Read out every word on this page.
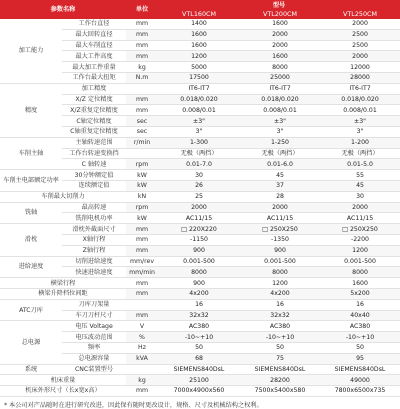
参数名称		单位	型号		
			VTL160CM	VTL200CM	VTL250CM
加工能力	工作台直径	mm	1400	1600	2000
	最大回转直径	mm	1600	2000	2500
	最大车削直径	mm	1600	2000	2500
	最大工件高度	mm	1200	1600	2000
	最大加工件重量	kg	5000	8000	12000
	工作台最大扭矩	N.m	17500	25000	28000
精度	加工精度		IT6-IT7	IT6-IT7	IT6-IT7
	X/Z 定位精度	mm	0.018/0.020	0.018/0.020	0.018/0.020
	X/Z重复定位精度	mm	0.008/0.01	0.008/0.01	0.008/0.01
	C轴定位精度	sec	±3"	±3"	±3"
	C轴重复定位精度	sec	3"	3"	3"
车削主轴	主轴转速范围	r/min	1-300	1-250	1-200
	工作台转速变换挡		无极（两挡）	无极（两挡）	无极（两挡）
	C 轴转速	rpm	0.01-7.0	0.01-6.0	0.01-5.0
车削主电部额定功率	30分钟额定值	kW	30	45	55
	连续额定值	kW	26	37	45
车削最大切削力		kN	25	28	30
铣轴	最高转速	rpm	2000	2000	2000
	铣削电机功率	kW	AC11/15	AC11/15	AC11/15
滑枕	滑枕外截面尺寸	mm	□ 220X220	□ 250X250	□ 250X250
	X轴行程	mm	-1150	-1350	-2200
	Z轴行程	mm	900	900	1200
进给速度	切削进给速度	mm/rev	0.001-500	0.001-500	0.001-500
	快速进给速度	mm/min	8000	8000	8000
横梁行程		mm	900	1200	1600
横梁升降档位间距		mm	4x200	4x200	5x200
ATC刀库	刀库刀架量		16	16	16
	车刀刀杆尺寸	mm	32x32	32x32	40x40
总电源	电压 Voltage	V	AC380	AC380	AC380
	电压波动范围	%	-10~+10	-10~+10	-10~+10
	频率	Hz	50	50	50
	总电源容量	kVA	68	75	95
系统	CNC装置型号		SIEMENS840DsL	SIEMENS840DsL	SIEMENS840DsL
机床重量		kg	25100	28200	49000
机床外形尺寸（长x宽x高）		mm	7000x4900x560	7500x5400x580	7800x6500x735
* 本公司对产品随时在进行研究改进，因此保有随时更改设计，规格、尺寸及机械结构之权利。
